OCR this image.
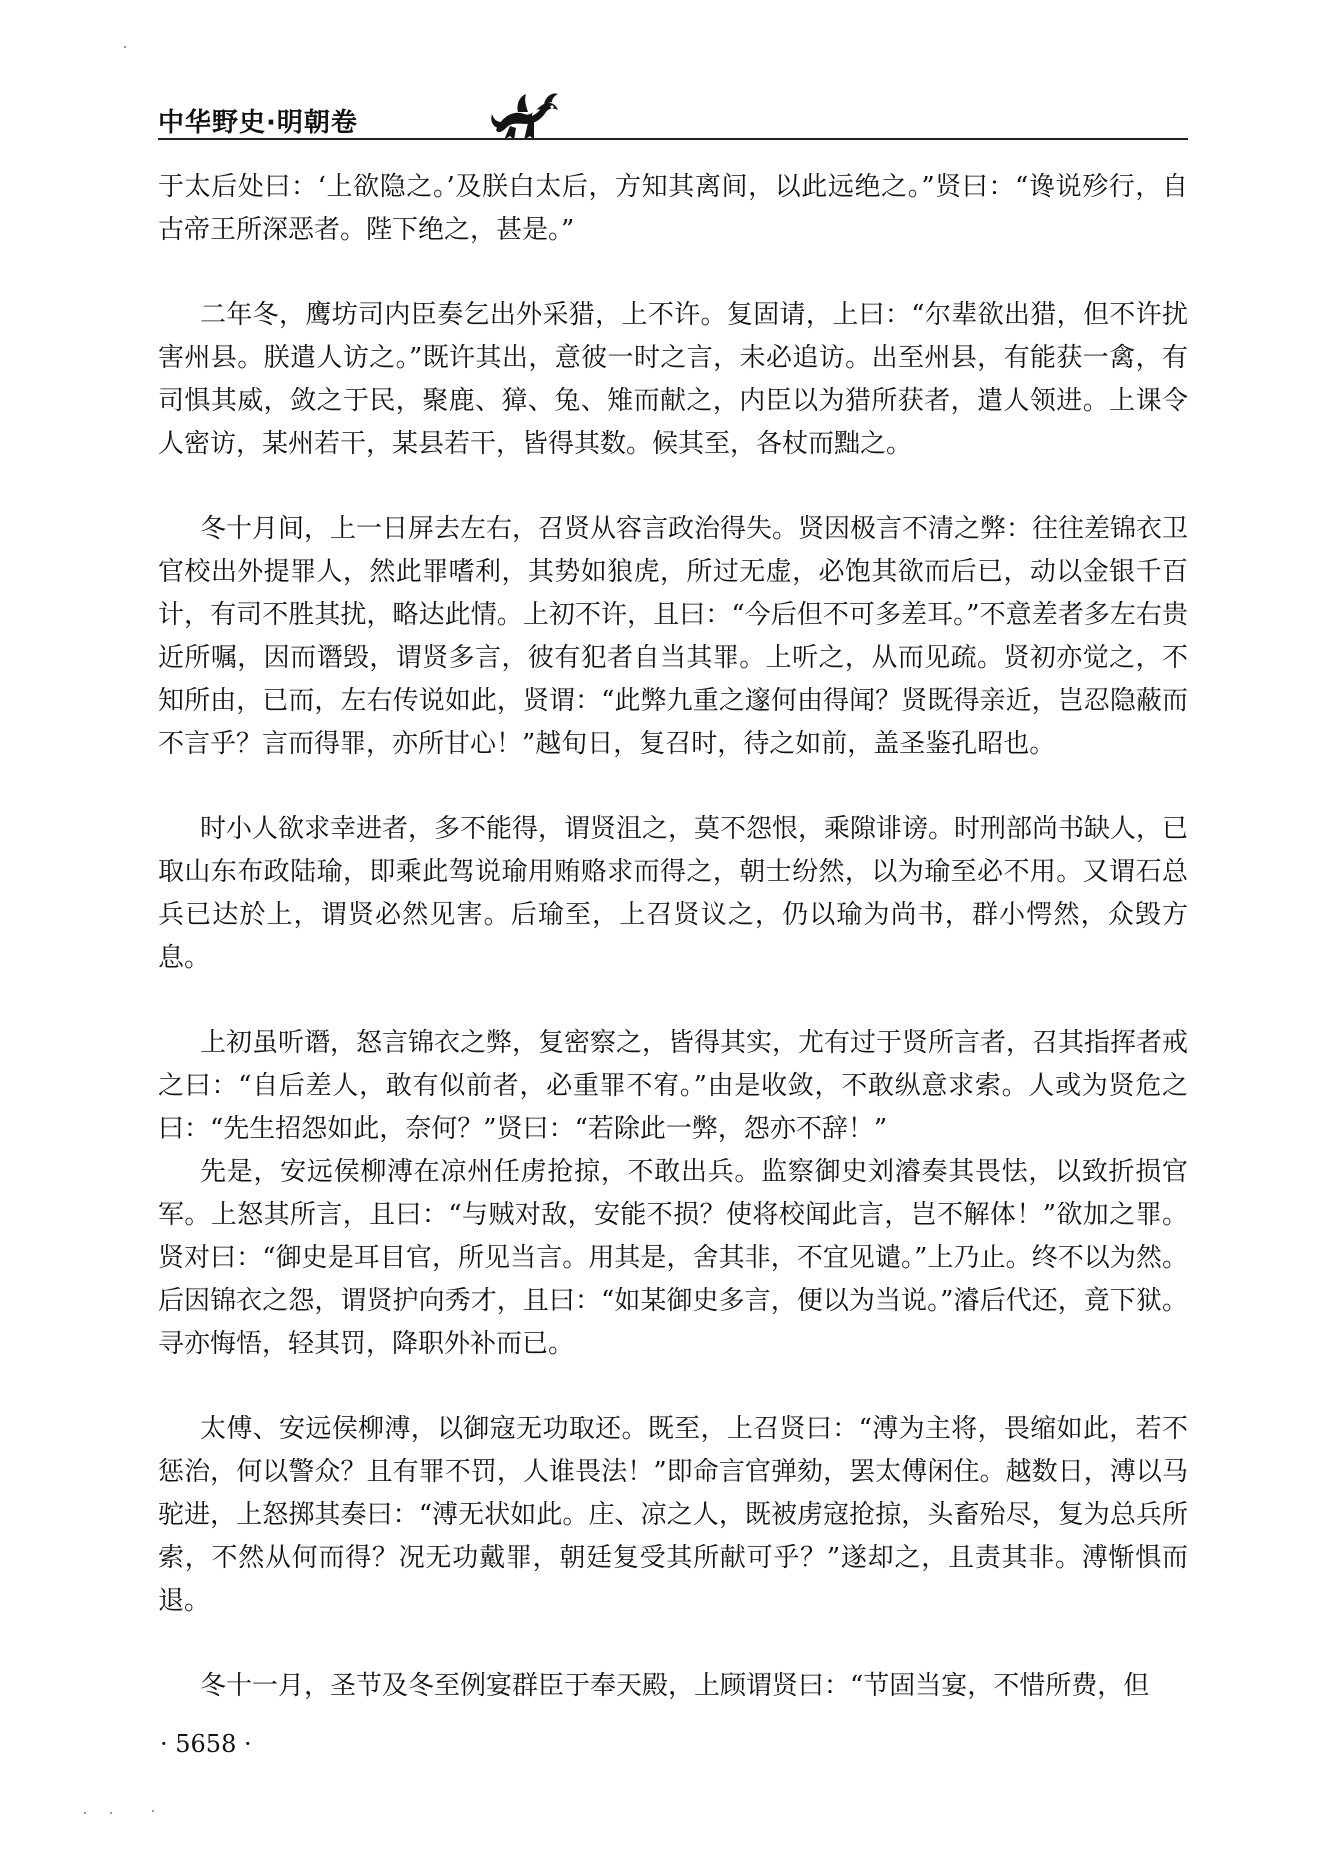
中华野史·明朝卷

于太后处曰：‘上欲隐之。’及朕白太后，方知其离间，以此远绝之。”贤曰：“谗说殄行，自古帝王所深恶者。陛下绝之，甚是。”

二年冬，鹰坊司内臣奏乞出外采猎，上不许。复固请，上曰：“尔辈欲出猎，但不许扰害州县。朕遣人访之。”既许其出，意彼一时之言，未必追访。出至州县，有能获一禽，有司惧其威，敛之于民，聚鹿、獐、兔、雉而献之，内臣以为猎所获者，遣人领进。上课令人密访，某州若干，某县若干，皆得其数。候其至，各杖而黜之。

冬十月间，上一日屏去左右，召贤从容言政治得失。贤因极言不清之弊：往往差锦衣卫官校出外提罪人，然此罪嗜利，其势如狼虎，所过无虚，必饱其欲而后已，动以金银千百计，有司不胜其扰，略达此情。上初不许，且曰：“今后但不可多差耳。”不意差者多左右贵近所嘱，因而谮毁，谓贤多言，彼有犯者自当其罪。上听之，从而见疏。贤初亦觉之，不知所由，已而，左右传说如此，贤谓：“此弊九重之邃何由得闻？贤既得亲近，岂忍隐蔽而不言乎？言而得罪，亦所甘心！”越旬日，复召时，待之如前，盖圣鉴孔昭也。

时小人欲求幸进者，多不能得，谓贤沮之，莫不怨恨，乘隙诽谤。时刑部尚书缺人，已取山东布政陆瑜，即乘此驾说瑜用贿赂求而得之，朝士纷然，以为瑜至必不用。又谓石总兵已达於上，谓贤必然见害。后瑜至，上召贤议之，仍以瑜为尚书，群小愕然，众毁方息。

上初虽听谮，怒言锦衣之弊，复密察之，皆得其实，尤有过于贤所言者，召其指挥者戒之曰：“自后差人，敢有似前者，必重罪不宥。”由是收敛，不敢纵意求索。人或为贤危之曰：“先生招怨如此，奈何？”贤曰：“若除此一弊，怨亦不辞！”

先是，安远侯柳溥在凉州任虏抢掠，不敢出兵。监察御史刘濬奏其畏怯，以致折损官军。上怒其所言，且曰：“与贼对敌，安能不损？使将校闻此言，岂不解体！”欲加之罪。贤对曰：“御史是耳目官，所见当言。用其是，舍其非，不宜见谴。”上乃止。终不以为然。后因锦衣之怨，谓贤护向秀才，且曰：“如某御史多言，便以为当说。”濬后代还，竟下狱。寻亦悔悟，轻其罚，降职外补而已。

太傅、安远侯柳溥，以御寇无功取还。既至，上召贤曰：“溥为主将，畏缩如此，若不惩治，何以警众？且有罪不罚，人谁畏法！”即命言官弹劾，罢太傅闲住。越数日，溥以马驼进，上怒掷其奏曰：“溥无状如此。庄、凉之人，既被虏寇抢掠，头畜殆尽，复为总兵所索，不然从何而得？况无功戴罪，朝廷复受其所献可乎？”遂却之，且责其非。溥惭惧而退。

冬十一月，圣节及冬至例宴群臣于奉天殿，上顾谓贤曰：“节固当宴，不惜所费，但

· 5658 ·
